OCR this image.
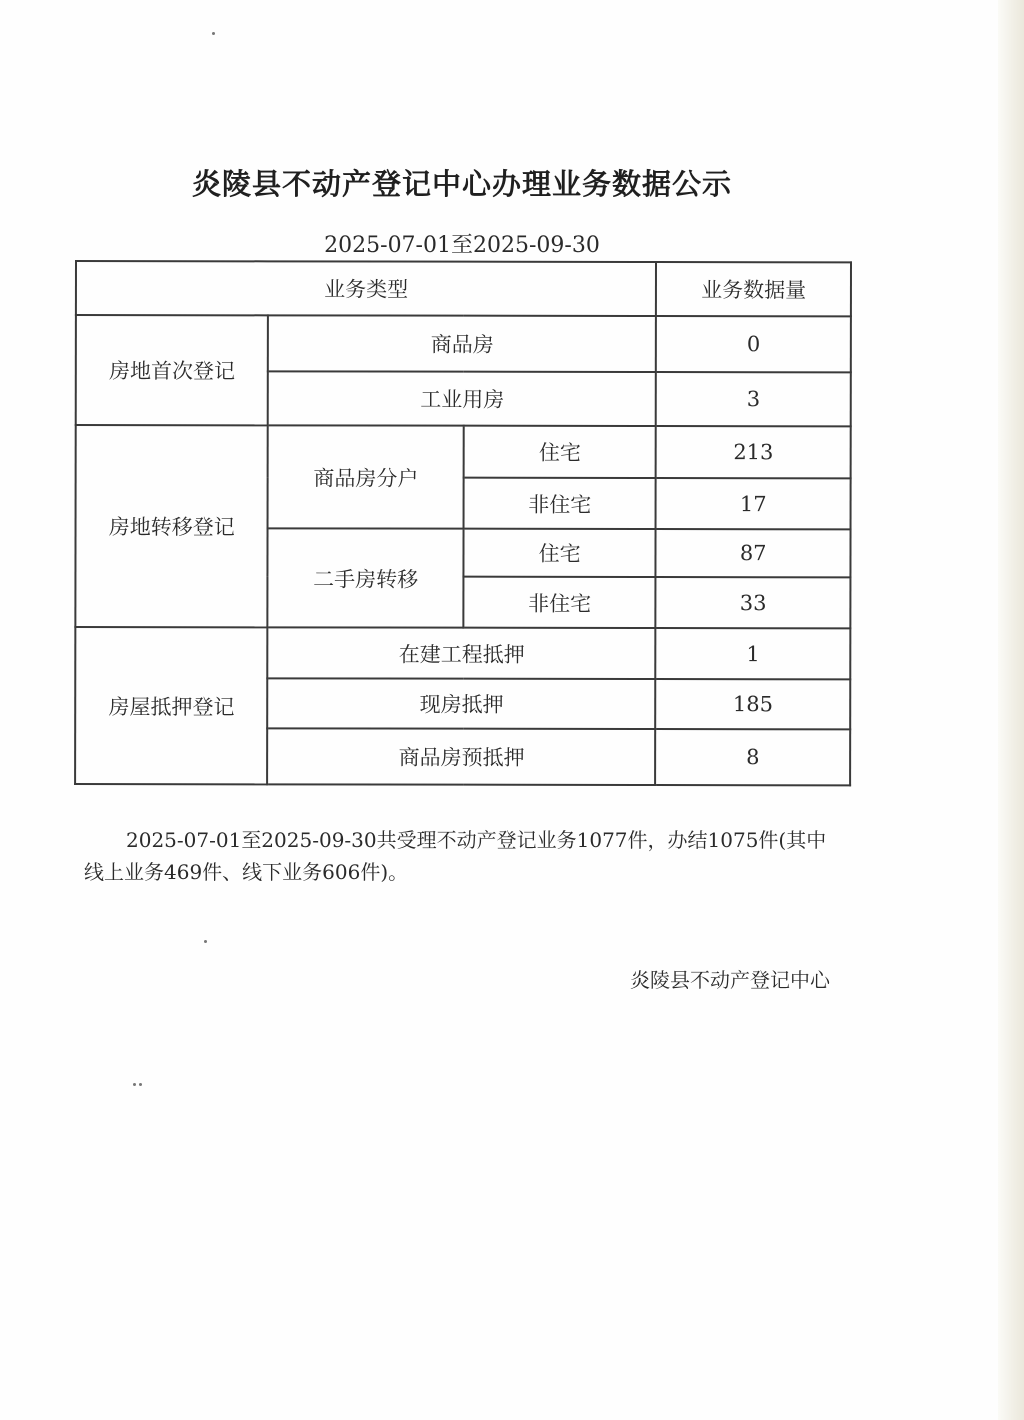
炎陵县不动产登记中心办理业务数据公示
2025-07-01至2025-09-30
业务类型			业务数据量
房地首次登记	商品房		0
	工业用房		3
房地转移登记	商品房分户	住宅	213
		非住宅	17
	二手房转移	住宅	87
		非住宅	33
房屋抵押登记	在建工程抵押		1
	现房抵押		185
	商品房预抵押		8
2025-07-01至2025-09-30共受理不动产登记业务1077件，办结1075件(其中线上业务469件、线下业务606件)。
炎陵县不动产登记中心
